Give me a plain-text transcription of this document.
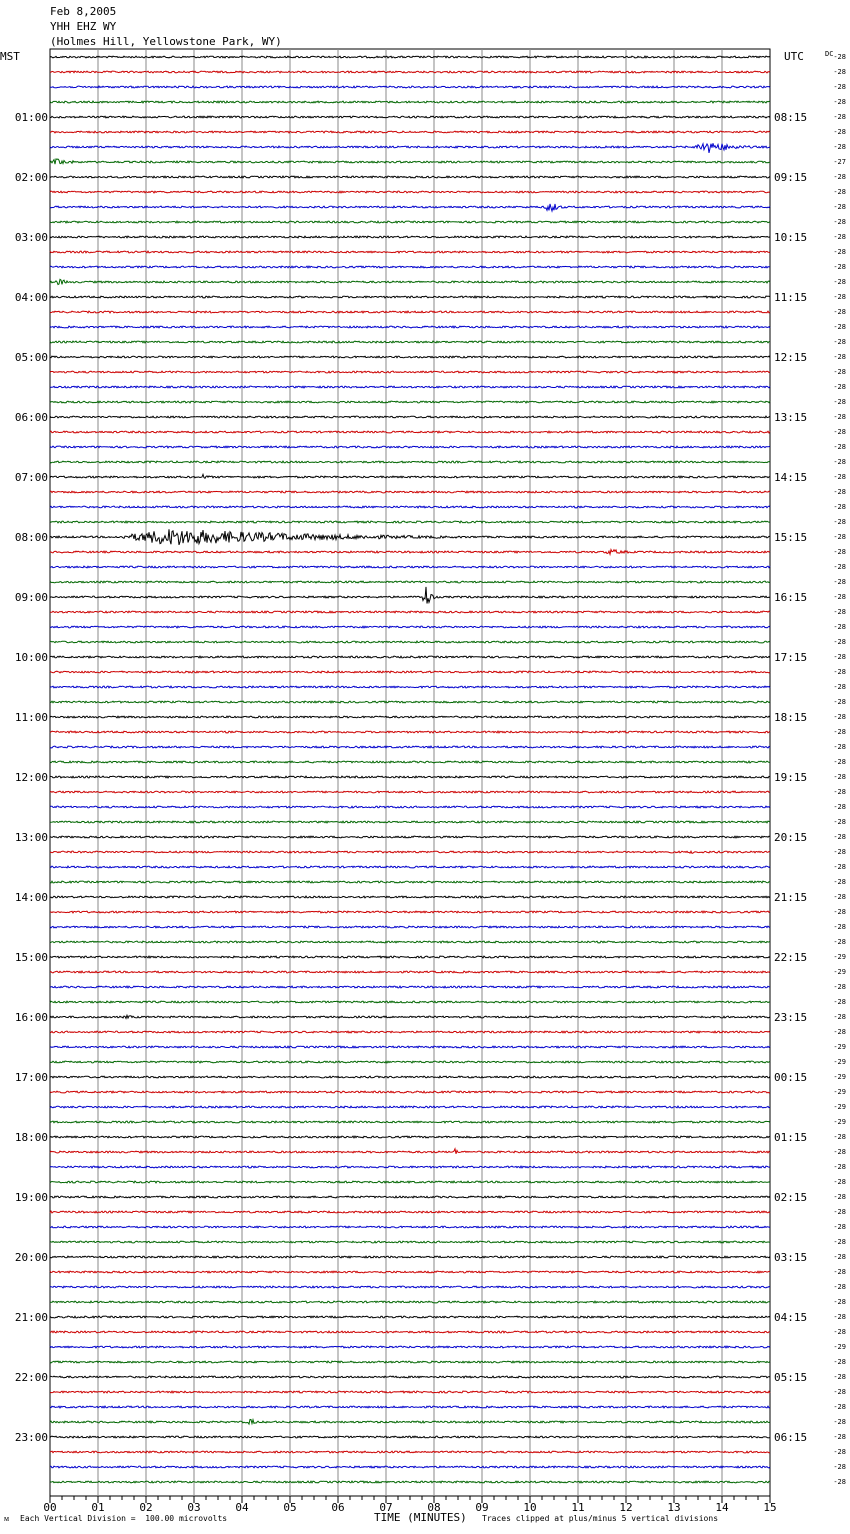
Feb 8,2005
YHH EHZ WY
(Holmes Hill, Yellowstone Park, WY)
-28
-28
-28
-28
-28
-28
-28
-27
-28
-28
-28
-28
-28
-28
-28
-28
-28
-28
-28
-28
-28
-28
-28
-28
-28
-28
-28
-28
-28
-28
-28
-28
-28
-28
-28
-28
-28
-28
-28
-28
-28
-28
-28
-28
-28
-28
-28
-28
-28
-28
-28
-28
-28
-28
-28
-28
-28
-28
-28
-28
-29
-29
-28
-28
-28
-28
-29
-29
-29
-29
-29
-29
-28
-28
-28
-28
-28
-28
-28
-28
-28
-28
-28
-28
-28
-28
-29
-28
-28
-28
-28
-28
-28
-28
-28
-28
01:00
02:00
03:00
04:00
05:00
06:00
07:00
08:00
09:00
10:00
11:00
12:00
13:00
14:00
15:00
16:00
17:00
18:00
19:00
20:00
21:00
22:00
23:00
08:15
09:15
10:15
11:15
12:15
13:15
14:15
15:15
16:15
17:15
18:15
19:15
20:15
21:15
22:15
23:15
00:15
01:15
02:15
03:15
04:15
05:15
06:15
MST	UTC	DC
00	01	02	03	04	05	06	07	08	09	10	11	12	13	14	15
ᴍ Each Vertical Division =  100.00 microvolts	TIME (MINUTES) Traces clipped at plus/minus 5 vertical divisions
